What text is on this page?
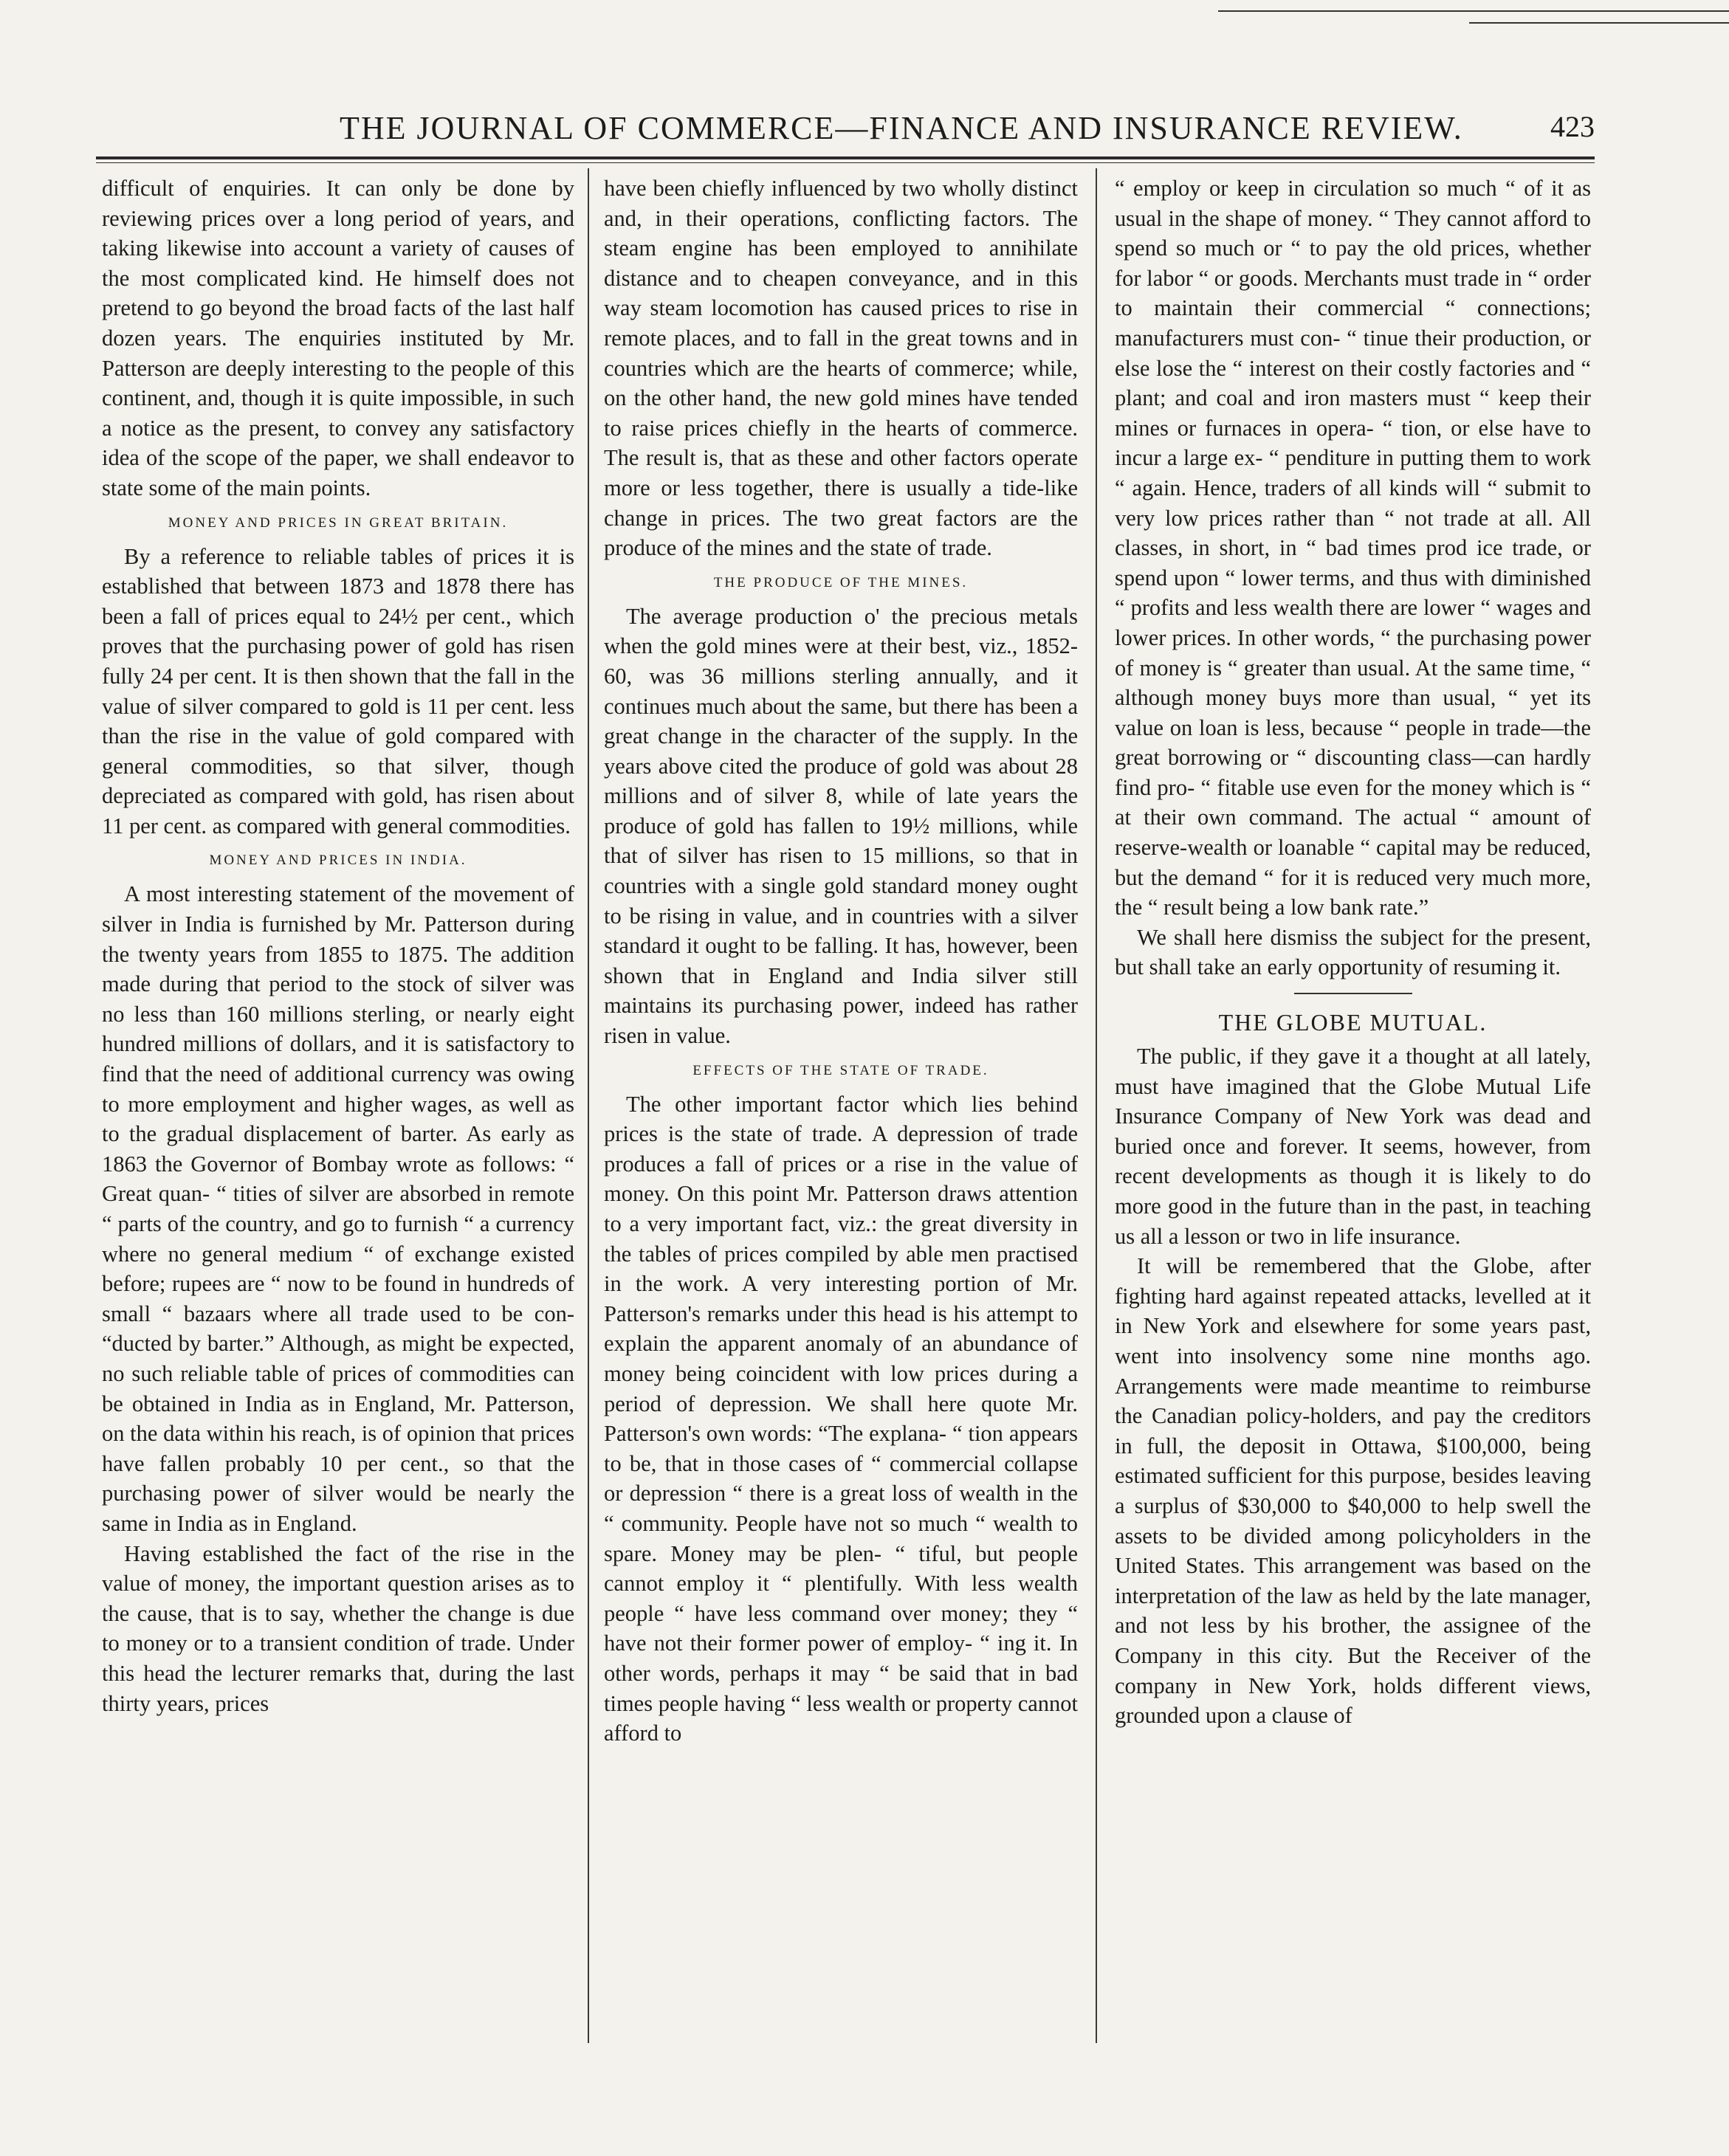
THE JOURNAL OF COMMERCE—FINANCE AND INSURANCE REVIEW.	423

difficult of enquiries. It can only be done by reviewing prices over a long period of years, and taking likewise into account a variety of causes of the most complicated kind. He himself does not pretend to go beyond the broad facts of the last half dozen years. The enquiries instituted by Mr. Patterson are deeply interesting to the people of this continent, and, though it is quite impossible, in such a notice as the present, to convey any satisfactory idea of the scope of the paper, we shall endeavor to state some of the main points.

MONEY AND PRICES IN GREAT BRITAIN.

By a reference to reliable tables of prices it is established that between 1873 and 1878 there has been a fall of prices equal to 24½ per cent., which proves that the purchasing power of gold has risen fully 24 per cent. It is then shown that the fall in the value of silver compared to gold is 11 per cent. less than the rise in the value of gold compared with general commodities, so that silver, though depreciated as compared with gold, has risen about 11 per cent. as compared with general commodities.

MONEY AND PRICES IN INDIA.

A most interesting statement of the movement of silver in India is furnished by Mr. Patterson during the twenty years from 1855 to 1875. The addition made during that period to the stock of silver was no less than 160 millions sterling, or nearly eight hundred millions of dollars, and it is satisfactory to find that the need of additional currency was owing to more employment and higher wages, as well as to the gradual displacement of barter. As early as 1863 the Governor of Bombay wrote as follows: “ Great quan- “ tities of silver are absorbed in remote “ parts of the country, and go to furnish “ a currency where no general medium “ of exchange existed before; rupees are “ now to be found in hundreds of small “ bazaars where all trade used to be con- “ducted by barter.” Although, as might be expected, no such reliable table of prices of commodities can be obtained in India as in England, Mr. Patterson, on the data within his reach, is of opinion that prices have fallen probably 10 per cent., so that the purchasing power of silver would be nearly the same in India as in England.

Having established the fact of the rise in the value of money, the important question arises as to the cause, that is to say, whether the change is due to money or to a transient condition of trade. Under this head the lecturer remarks that, during the last thirty years, prices

have been chiefly influenced by two wholly distinct and, in their operations, conflicting factors. The steam engine has been employed to annihilate distance and to cheapen conveyance, and in this way steam locomotion has caused prices to rise in remote places, and to fall in the great towns and in countries which are the hearts of commerce; while, on the other hand, the new gold mines have tended to raise prices chiefly in the hearts of commerce. The result is, that as these and other factors operate more or less together, there is usually a tide-like change in prices. The two great factors are the produce of the mines and the state of trade.

THE PRODUCE OF THE MINES.

The average production o' the precious metals when the gold mines were at their best, viz., 1852-60, was 36 millions sterling annually, and it continues much about the same, but there has been a great change in the character of the supply. In the years above cited the produce of gold was about 28 millions and of silver 8, while of late years the produce of gold has fallen to 19½ millions, while that of silver has risen to 15 millions, so that in countries with a single gold standard money ought to be rising in value, and in countries with a silver standard it ought to be falling. It has, however, been shown that in England and India silver still maintains its purchasing power, indeed has rather risen in value.

EFFECTS OF THE STATE OF TRADE.

The other important factor which lies behind prices is the state of trade. A depression of trade produces a fall of prices or a rise in the value of money. On this point Mr. Patterson draws attention to a very important fact, viz.: the great diversity in the tables of prices compiled by able men practised in the work. A very interesting portion of Mr. Patterson's remarks under this head is his attempt to explain the apparent anomaly of an abundance of money being coincident with low prices during a period of depression. We shall here quote Mr. Patterson's own words: “The explana- “ tion appears to be, that in those cases of “ commercial collapse or depression “ there is a great loss of wealth in the “ community. People have not so much “ wealth to spare. Money may be plen- “ tiful, but people cannot employ it “ plentifully. With less wealth people “ have less command over money; they “ have not their former power of employ- “ ing it. In other words, perhaps it may “ be said that in bad times people having “ less wealth or property cannot afford to

“ employ or keep in circulation so much “ of it as usual in the shape of money. “ They cannot afford to spend so much or “ to pay the old prices, whether for labor “ or goods. Merchants must trade in “ order to maintain their commercial “ connections; manufacturers must con- “ tinue their production, or else lose the “ interest on their costly factories and “ plant; and coal and iron masters must “ keep their mines or furnaces in opera- “ tion, or else have to incur a large ex- “ penditure in putting them to work “ again. Hence, traders of all kinds will “ submit to very low prices rather than “ not trade at all. All classes, in short, in “ bad times prod ice trade, or spend upon “ lower terms, and thus with diminished “ profits and less wealth there are lower “ wages and lower prices. In other words, “ the purchasing power of money is “ greater than usual. At the same time, “ although money buys more than usual, “ yet its value on loan is less, because “ people in trade—the great borrowing or “ discounting class—can hardly find pro- “ fitable use even for the money which is “ at their own command. The actual “ amount of reserve-wealth or loanable “ capital may be reduced, but the demand “ for it is reduced very much more, the “ result being a low bank rate.”

We shall here dismiss the subject for the present, but shall take an early opportunity of resuming it.

THE GLOBE MUTUAL.

The public, if they gave it a thought at all lately, must have imagined that the Globe Mutual Life Insurance Company of New York was dead and buried once and forever. It seems, however, from recent developments as though it is likely to do more good in the future than in the past, in teaching us all a lesson or two in life insurance.

It will be remembered that the Globe, after fighting hard against repeated attacks, levelled at it in New York and elsewhere for some years past, went into insolvency some nine months ago. Arrangements were made meantime to reimburse the Canadian policy-holders, and pay the creditors in full, the deposit in Ottawa, $100,000, being estimated sufficient for this purpose, besides leaving a surplus of $30,000 to $40,000 to help swell the assets to be divided among policyholders in the United States. This arrangement was based on the interpretation of the law as held by the late manager, and not less by his brother, the assignee of the Company in this city. But the Receiver of the company in New York, holds different views, grounded upon a clause of
